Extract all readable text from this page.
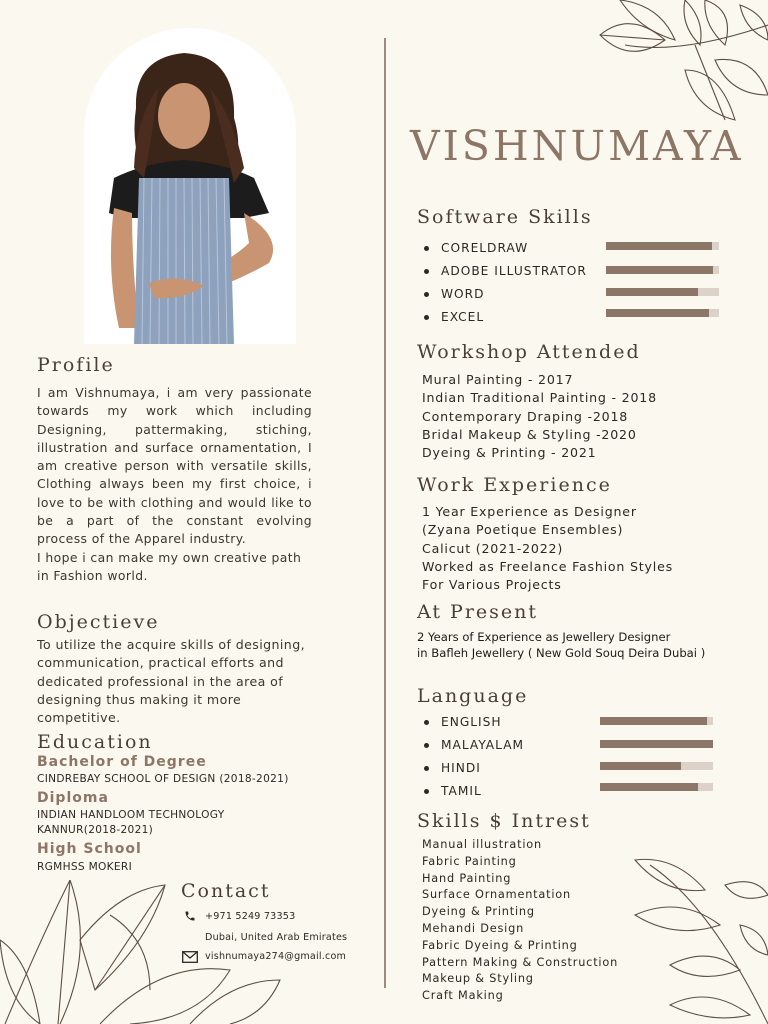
Profile
I am Vishnumaya, i am very passionate towards my work which including Designing, pattermaking, stiching, illustration and surface ornamentation, I am creative person with versatile skills, Clothing always been my first choice, i love to be with clothing and would like to be a part of the constant evolving process of the Apparel industry.

I hope i can make my own creative path in Fashion world.
Objectieve
To utilize the acquire skills of designing, communication, practical efforts and dedicated professional in the area of designing thus making it more competitive.
Education
Bachelor of Degree
CINDREBAY SCHOOL OF DESIGN (2018-2021)
Diploma
INDIAN HANDLOOM TECHNOLOGY
KANNUR(2018-2021)
High School
RGMHSS MOKERI
Contact
+971 5249 73353
Dubai, United Arab Emirates
vishnumaya274@gmail.com
VISHNUMAYA
Software Skills
CORELDRAW
ADOBE ILLUSTRATOR
WORD
EXCEL
Workshop Attended
Mural Painting - 2017
Indian Traditional Painting - 2018
Contemporary Draping -2018
Bridal Makeup & Styling -2020
Dyeing & Printing - 2021
Work Experience
1 Year Experience as Designer
(Zyana Poetique Ensembles)
Calicut (2021-2022)
Worked as Freelance Fashion Styles
For Various Projects
At Present
2 Years of Experience as Jewellery Designer
in Bafleh Jewellery ( New Gold Souq Deira Dubai )
Language
ENGLISH
MALAYALAM
HINDI
TAMIL
Skills $ Intrest
Manual illustration
Fabric Painting
Hand Painting
Surface Ornamentation
Dyeing & Printing
Mehandi Design
Fabric Dyeing & Printing
Pattern Making & Construction
Makeup & Styling
Craft Making
